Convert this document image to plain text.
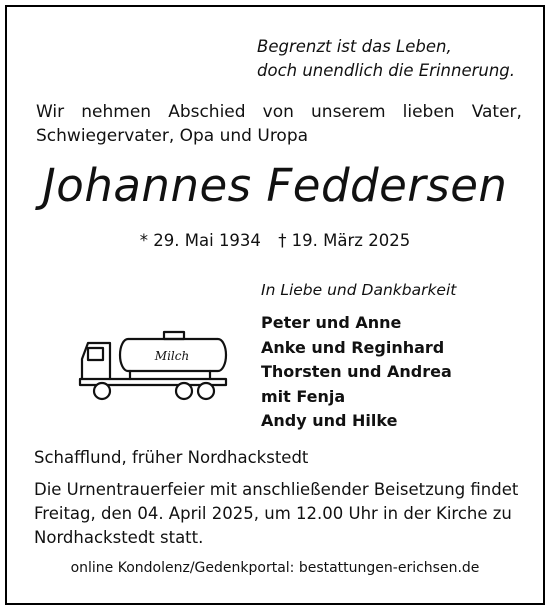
Begrenzt ist das Leben,
doch unendlich die Erinnerung.
Wir nehmen Abschied von unserem lieben Vater,
Schwiegervater, Opa und Uropa
Johannes Feddersen
* 29. Mai 1934 † 19. März 2025
In Liebe und Dankbarkeit
Peter und Anne
Anke und Reginhard
Thorsten und Andrea
mit Fenja
Andy und Hilke
Milch
Schafflund, früher Nordhackstedt
Die Urnentrauerfeier mit anschließender Beisetzung findet
Freitag, den 04. April 2025, um 12.00 Uhr in der Kirche zu
Nordhackstedt statt.
online Kondolenz/Gedenkportal: bestattungen-erichsen.de
